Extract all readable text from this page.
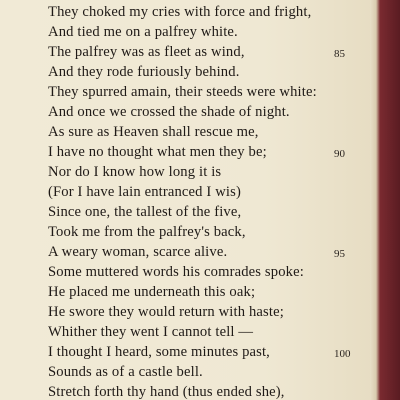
They choked my cries with force and fright,
And tied me on a palfrey white.
The palfrey was as fleet as wind,
And they rode furiously behind.
They spurred amain, their steeds were white:
And once we crossed the shade of night.
As sure as Heaven shall rescue me,
I have no thought what men they be;
Nor do I know how long it is
(For I have lain entranced I wis)
Since one, the tallest of the five,
Took me from the palfrey's back,
A weary woman, scarce alive.
Some muttered words his comrades spoke:
He placed me underneath this oak;
He swore they would return with haste;
Whither they went I cannot tell —
I thought I heard, some minutes past,
Sounds as of a castle bell.
Stretch forth thy hand (thus ended she),
85
90
95
100
